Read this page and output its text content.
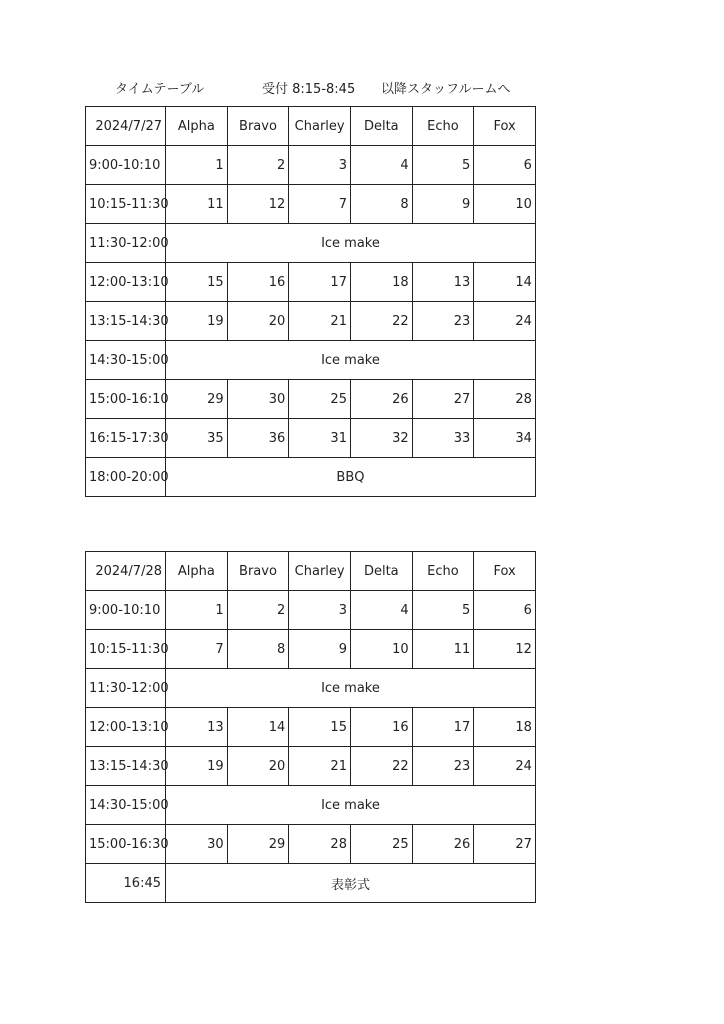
タイムテーブル	受付 8:15-8:45 以降スタッフルームへ
2024/7/27	Alpha	Bravo	Charley	Delta	Echo	Fox
9:00-10:10	1	2	3	4	5	6
10:15-11:30	11	12	7	8	9	10
11:30-12:00	Ice make					
12:00-13:10	15	16	17	18	13	14
13:15-14:30	19	20	21	22	23	24
14:30-15:00	Ice make					
15:00-16:10	29	30	25	26	27	28
16:15-17:30	35	36	31	32	33	34
18:00-20:00	BBQ					
2024/7/28	Alpha	Bravo	Charley	Delta	Echo	Fox
9:00-10:10	1	2	3	4	5	6
10:15-11:30	7	8	9	10	11	12
11:30-12:00	Ice make					
12:00-13:10	13	14	15	16	17	18
13:15-14:30	19	20	21	22	23	24
14:30-15:00	Ice make					
15:00-16:30	30	29	28	25	26	27
16:45	表彰式					
